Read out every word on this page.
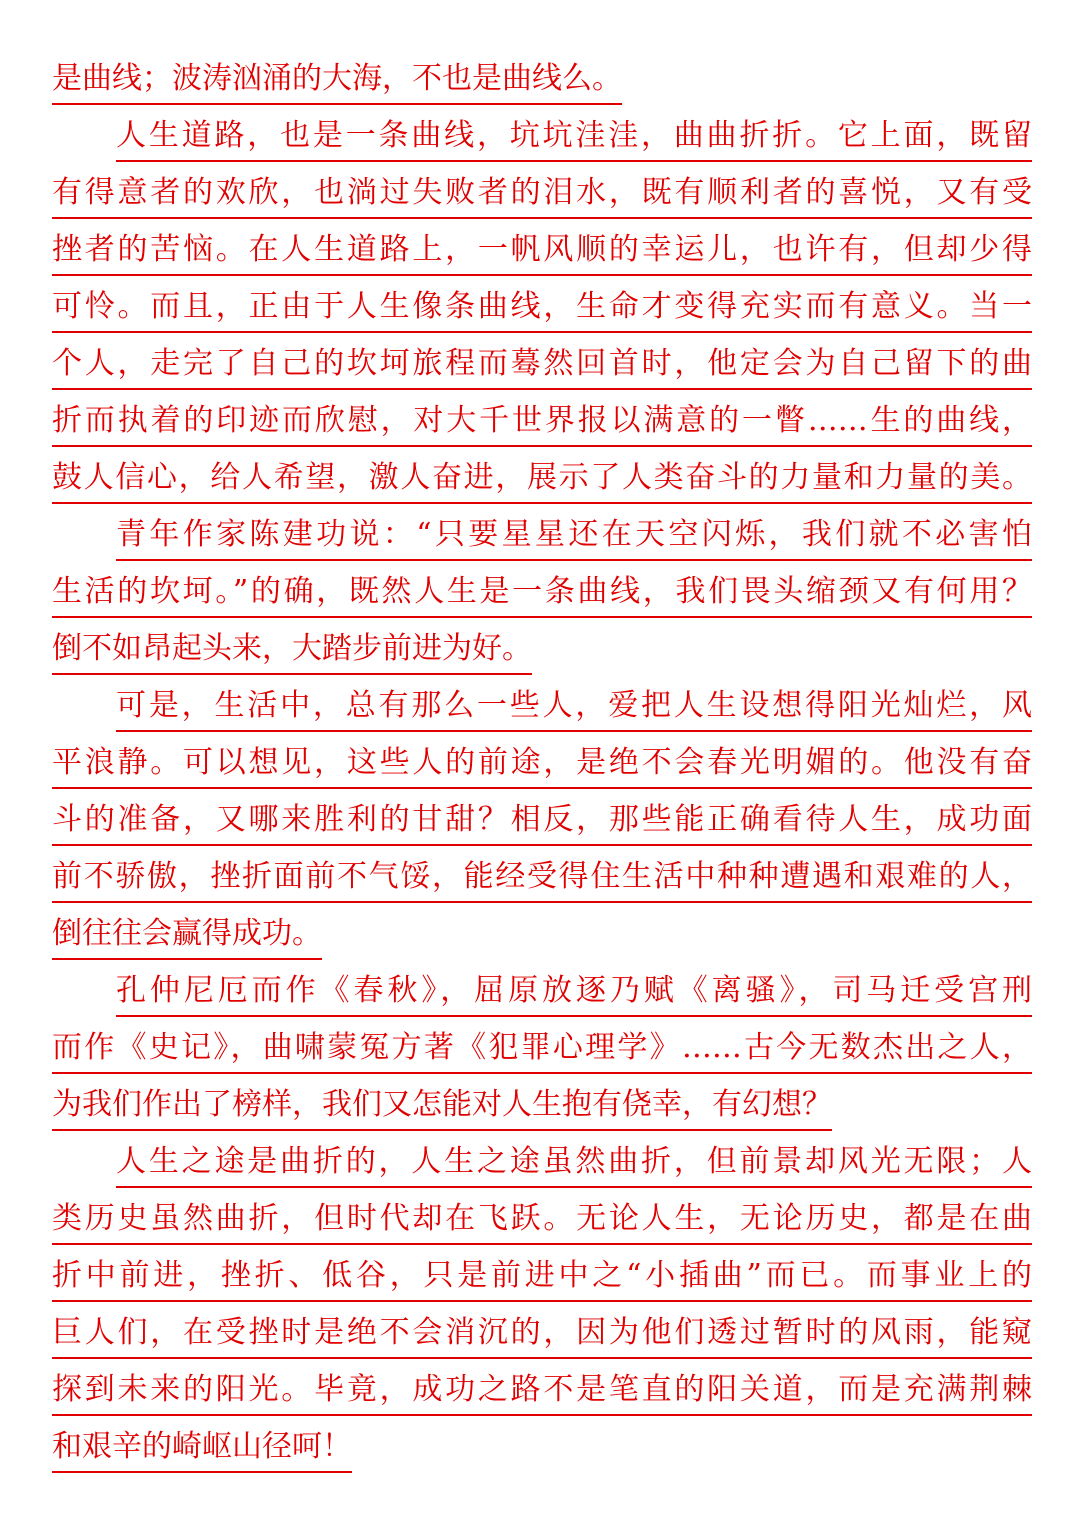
是曲线；波涛汹涌的大海，不也是曲线么。
人生道路，也是一条曲线，坑坑洼洼，曲曲折折。它上面，既留
有得意者的欢欣，也淌过失败者的泪水，既有顺利者的喜悦，又有受
挫者的苦恼。在人生道路上，一帆风顺的幸运儿，也许有，但却少得
可怜。而且，正由于人生像条曲线，生命才变得充实而有意义。当一
个人，走完了自己的坎坷旅程而蓦然回首时，他定会为自己留下的曲
折而执着的印迹而欣慰，对大千世界报以满意的一瞥……生的曲线，
鼓人信心，给人希望，激人奋进，展示了人类奋斗的力量和力量的美。
青年作家陈建功说：“只要星星还在天空闪烁，我们就不必害怕
生活的坎坷。”的确，既然人生是一条曲线，我们畏头缩颈又有何用？
倒不如昂起头来，大踏步前进为好。
可是，生活中，总有那么一些人，爱把人生设想得阳光灿烂，风
平浪静。可以想见，这些人的前途，是绝不会春光明媚的。他没有奋
斗的准备，又哪来胜利的甘甜？相反，那些能正确看待人生，成功面
前不骄傲，挫折面前不气馁，能经受得住生活中种种遭遇和艰难的人，
倒往往会赢得成功。
孔仲尼厄而作《春秋》，屈原放逐乃赋《离骚》，司马迁受宫刑
而作《史记》，曲啸蒙冤方著《犯罪心理学》……古今无数杰出之人，
为我们作出了榜样，我们又怎能对人生抱有侥幸，有幻想？
人生之途是曲折的，人生之途虽然曲折，但前景却风光无限；人
类历史虽然曲折，但时代却在飞跃。无论人生，无论历史，都是在曲
折中前进，挫折、低谷，只是前进中之“小插曲”而已。而事业上的
巨人们，在受挫时是绝不会消沉的，因为他们透过暂时的风雨，能窥
探到未来的阳光。毕竟，成功之路不是笔直的阳关道，而是充满荆棘
和艰辛的崎岖山径呵！
